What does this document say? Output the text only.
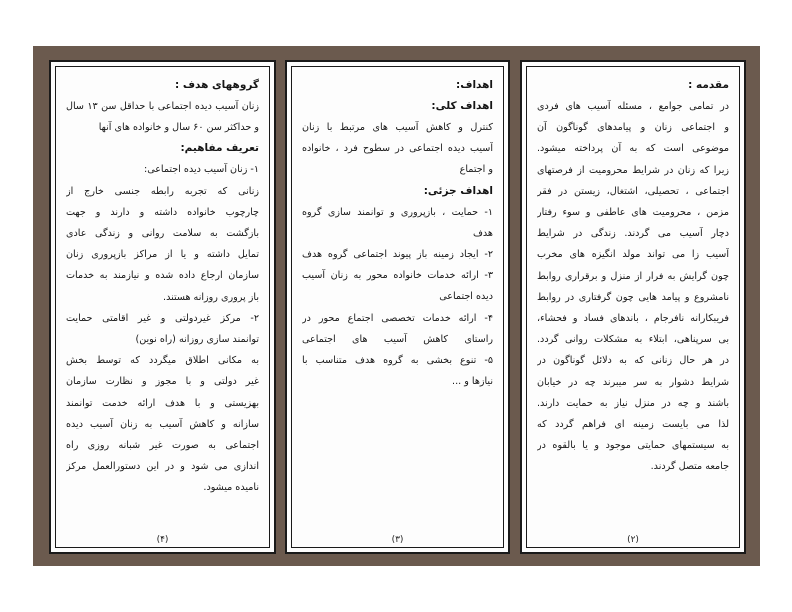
مقدمه :

در تمامی جوامع ، مسئله آسیب های فردی

و اجتماعی زنان و پیامدهای گوناگون آن

موضوعی است که به آن پرداخته میشود.

زیرا که زنان در شرایط محرومیت از فرصتهای

اجتماعی ، تحصیلی، اشتغال، زیستن در فقر

مزمن ، محرومیت های عاطفی و سوء رفتار

دچار آسیب می گردند. زندگی در شرایط

آسیب زا می تواند مولد انگیزه های مخرب

چون گرایش به فرار از منزل و برقراری روابط

نامشروع و پیامد هایی چون گرفتاری در روابط

فریبکارانه نافرجام ، باندهای فساد و فحشاء،

بی سرپناهی، ابتلاء به مشکلات روانی گردد.

در هر حال زنانی که به دلائل گوناگون در

شرایط دشوار به سر میبرند چه در خیابان

باشند و چه در منزل نیاز به حمایت دارند.

لذا می بایست زمینه ای فراهم گردد که

به سیستمهای حمایتی موجود و یا بالقوه در

جامعه متصل گردند.

(۲)

اهداف:

اهداف کلی:

کنترل و کاهش آسیب های مرتبط با زنان

آسیب دیده اجتماعی در سطوح فرد ، خانواده

و اجتماع

اهداف جزئی:

۱- حمایت ، بازپروری و توانمند سازی گروه

هدف

۲- ایجاد زمینه باز پیوند اجتماعی گروه هدف

۳- ارائه خدمات خانواده محور به زنان آسیب

دیده اجتماعی

۴- ارائه خدمات تخصصی اجتماع محور در

راستای کاهش آسیب های اجتماعی

۵- تنوع بخشی به گروه هدف متناسب با

نیازها و ...

(۳)

گروههای هدف :

زنان آسیب دیده اجتماعی با حداقل سن ۱۳ سال

و حداکثر سن ۶۰ سال و خانواده های آنها

تعریف مفاهیم:

۱- زنان آسیب دیده اجتماعی:

زنانی که تجربه رابطه جنسی خارج از

چارچوب خانواده داشته و دارند و جهت

بازگشت به سلامت روانی و زندگی عادی

تمایل داشته و یا از مراکز بازپروری زنان

سازمان ارجاع داده شده و نیازمند به خدمات

باز پروری روزانه هستند.

۲- مرکز غیردولتی و غیر اقامتی حمایت

توانمند سازی روزانه (راه نوین)

به مکانی اطلاق میگردد که توسط بخش

غیر دولتی و با مجوز و نظارت سازمان

بهزیستی و با هدف ارائه خدمت توانمند

سازانه و کاهش آسیب به زنان آسیب دیده

اجتماعی به صورت غیر شبانه روزی راه

اندازی می شود و در این دستورالعمل مرکز

نامیده میشود.

(۴)
